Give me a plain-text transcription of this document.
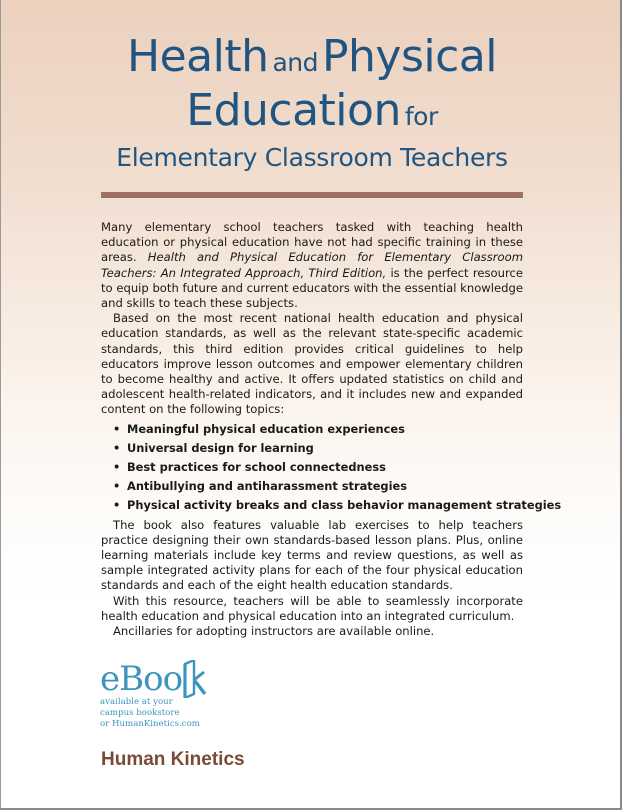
Health andPhysical
Education for
Elementary Classroom Teachers

Many elementary school teachers tasked with teaching health education or physical education have not had specific training in these areas. Health and Physical Education for Elementary Classroom Teachers: An Integrated Approach, Third Edition, is the perfect resource to equip both future and current educators with the essential knowledge and skills to teach these subjects.

Based on the most recent national health education and physical education standards, as well as the relevant state-specific academic standards, this third edition provides critical guidelines to help educators improve lesson outcomes and empower elementary children to become healthy and active. It offers updated statistics on child and adolescent health-related indicators, and it includes new and expanded content on the following topics:

• Meaningful physical education experiences
• Universal design for learning
• Best practices for school connectedness
• Antibullying and antiharassment strategies
• Physical activity breaks and class behavior management strategies

The book also features valuable lab exercises to help teachers practice designing their own standards-based lesson plans. Plus, online learning materials include key terms and review questions, as well as sample integrated activity plans for each of the four physical education standards and each of the eight health education standards.

With this resource, teachers will be able to seamlessly incorporate health education and physical education into an integrated curriculum.

Ancillaries for adopting instructors are available online.

eBoo
available at your
campus bookstore
or HumanKinetics.com
Human Kinetics
